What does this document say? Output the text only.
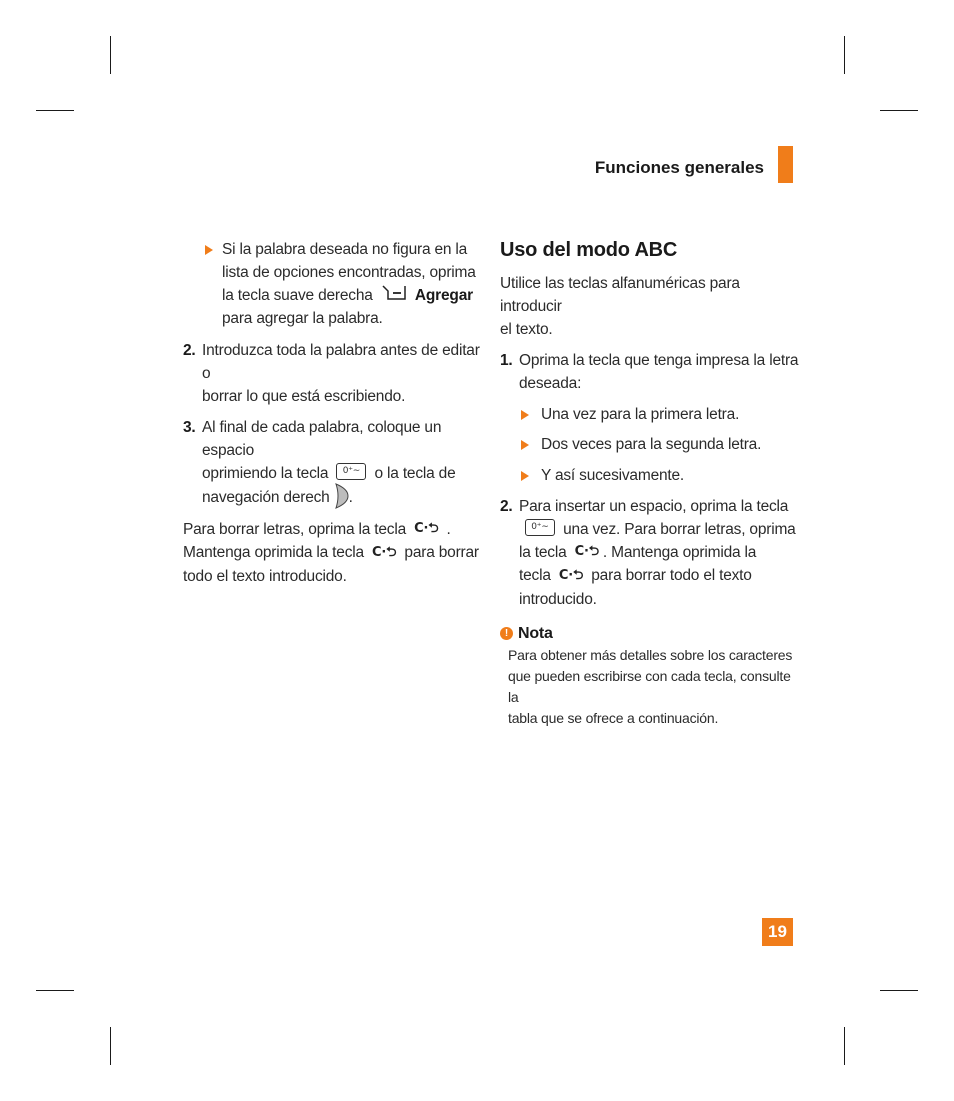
Funciones generales

Si la palabra deseada no figura en la

lista de opciones encontradas, oprima

la tecla suave derecha	Agregar

para agregar la palabra.

2. Introduzca toda la palabra antes de editar o

borrar lo que está escribiendo.

3. Al final de cada palabra, coloque un espacio

oprimiendo la tecla 0⁺∼ o la tecla de

navegación derech .

Para borrar letras, oprima la tecla C·⮌ .

Mantenga oprimida la tecla C·⮌ para borrar

todo el texto introducido.

Uso del modo ABC

Utilice las teclas alfanuméricas para introducir

el texto.

1. Oprima la tecla que tenga impresa la letra

deseada:

Una vez para la primera letra.

Dos veces para la segunda letra.

Y así sucesivamente.

2. Para insertar un espacio, oprima la tecla

0⁺∼ una vez. Para borrar letras, oprima

la tecla C·⮌ . Mantenga oprimida la

tecla C·⮌ para borrar todo el texto

introducido.

! Nota

Para obtener más detalles sobre los caracteres

que pueden escribirse con cada tecla, consulte la

tabla que se ofrece a continuación.

19
